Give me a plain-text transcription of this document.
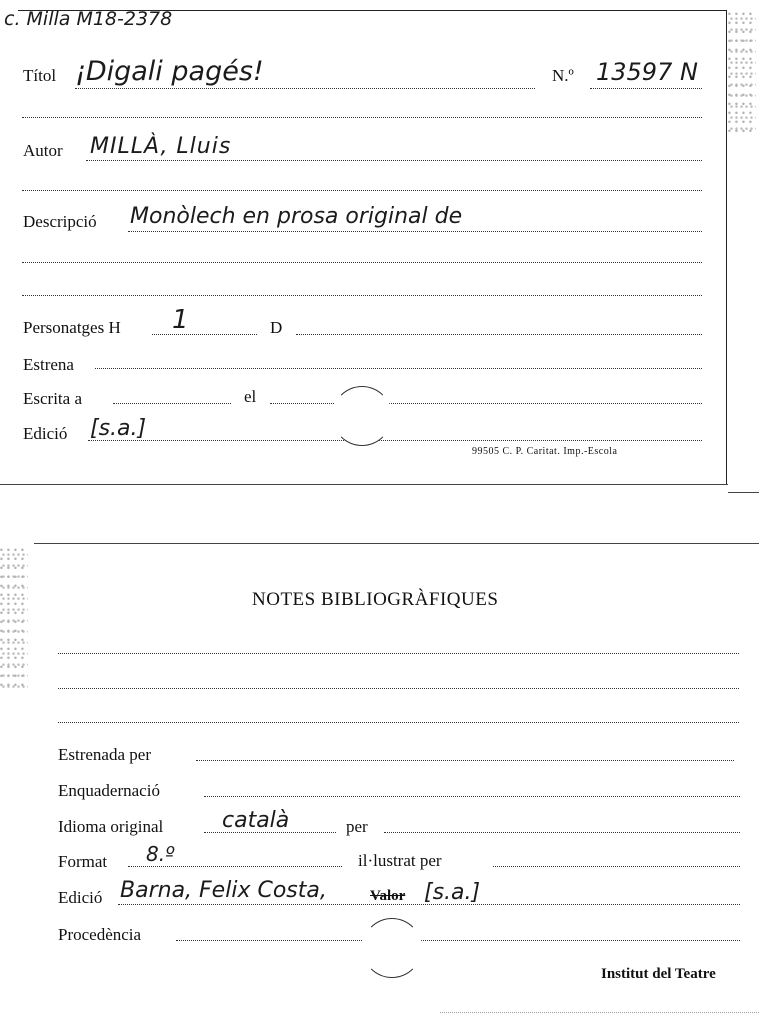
c. Milla M18-2378
Títol ¡Digali pagés!	N.º 13597 N
Autor MILLÀ, Lluis
Descripció Monòlech en prosa original de
Personatges H 1	D
Estrena
Escrita a	el
Edició [s.a.]
99505 C. P. Caritat. Imp.-Escola
NOTES BIBLIOGRÀFIQUES
Estrenada per
Enquadernació
Idioma original	català	per
Format 8.º	il·lustrat per
Edició Barna, Felix Costa,	Valor [s.a.]
Procedència
Institut del Teatre
